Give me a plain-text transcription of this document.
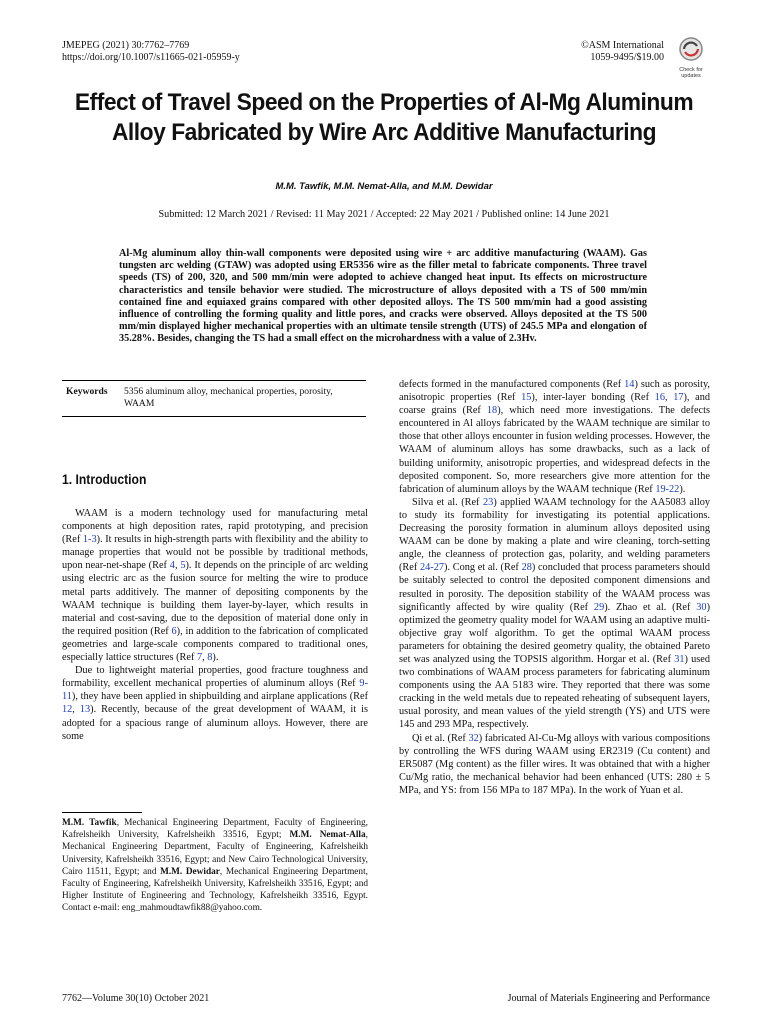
JMEPEG (2021) 30:7762–7769
https://doi.org/10.1007/s11665-021-05959-y
©ASM International
1059-9495/$19.00
Check for
updates
Effect of Travel Speed on the Properties of Al-Mg Aluminum Alloy Fabricated by Wire Arc Additive Manufacturing
M.M. Tawfik, M.M. Nemat-Alla, and M.M. Dewidar
Submitted: 12 March 2021 / Revised: 11 May 2021 / Accepted: 22 May 2021 / Published online: 14 June 2021
Al-Mg aluminum alloy thin-wall components were deposited using wire + arc additive manufacturing (WAAM). Gas tungsten arc welding (GTAW) was adopted using ER5356 wire as the filler metal to fabricate components. Three travel speeds (TS) of 200, 320, and 500 mm/min were adopted to achieve changed heat input. Its effects on microstructure characteristics and tensile behavior were studied. The microstructure of alloys deposited with a TS of 500 mm/min contained fine and equiaxed grains compared with other deposited alloys. The TS 500 mm/min had a good assisting influence of controlling the forming quality and little pores, and cracks were observed. Alloys deposited at the TS 500 mm/min displayed higher mechanical properties with an ultimate tensile strength (UTS) of 245.5 MPa and elongation of 35.28%. Besides, changing the TS had a small effect on the microhardness with a value of 2.3Hv.
Keywords	5356 aluminum alloy, mechanical properties, porosity, WAAM
1. Introduction

WAAM is a modern technology used for manufacturing metal components at high deposition rates, rapid prototyping, and precision (Ref 1-3). It results in high-strength parts with flexibility and the ability to manage properties that would not be possible by traditional methods, upon near-net-shape (Ref 4, 5). It depends on the principle of arc welding using electric arc as the fusion source for melting the wire to produce metal parts additively. The manner of depositing components by the WAAM technique is building them layer-by-layer, which results in material and cost-saving, due to the deposition of material done only in the required position (Ref 6), in addition to the fabrication of complicated geometries and large-scale components compared to traditional ones, especially lattice structures (Ref 7, 8).

Due to lightweight material properties, good fracture toughness and formability, excellent mechanical properties of aluminum alloys (Ref 9-11), they have been applied in shipbuilding and airplane applications (Ref 12, 13). Recently, because of the great development of WAAM, it is adopted for a spacious range of aluminum alloys. However, there are some

M.M. Tawfik, Mechanical Engineering Department, Faculty of Engineering, Kafrelsheikh University, Kafrelsheikh 33516, Egypt; M.M. Nemat-Alla, Mechanical Engineering Department, Faculty of Engineering, Kafrelsheikh University, Kafrelsheikh 33516, Egypt; and New Cairo Technological University, Cairo 11511, Egypt; and M.M. Dewidar, Mechanical Engineering Department, Faculty of Engineering, Kafrelsheikh University, Kafrelsheikh 33516, Egypt; and Higher Institute of Engineering and Technology, Kafrelsheikh 33516, Egypt. Contact e-mail: eng_mahmoudtawfik88@yahoo.com.

defects formed in the manufactured components (Ref 14) such as porosity, anisotropic properties (Ref 15), inter-layer bonding (Ref 16, 17), and coarse grains (Ref 18), which need more investigations. The defects encountered in Al alloys fabricated by the WAAM technique are similar to those that other alloys encounter in fusion welding processes. However, the WAAM of aluminum alloys has some drawbacks, such as a lack of building uniformity, anisotropic properties, and widespread defects in the deposited component. So, more researchers give more attention for the fabrication of aluminum alloys by the WAAM technique (Ref 19-22).

Silva et al. (Ref 23) applied WAAM technology for the AA5083 alloy to study its formability for investigating its potential applications. Decreasing the porosity formation in aluminum alloys deposited using WAAM can be done by making a plate and wire cleaning, torch-setting angle, the cleanness of protection gas, polarity, and welding parameters (Ref 24-27). Cong et al. (Ref 28) concluded that process parameters should be suitably selected to control the deposited component dimensions and resulted in porosity. The deposition stability of the WAAM process was significantly affected by wire quality (Ref 29). Zhao et al. (Ref 30) optimized the geometry quality model for WAAM using an adaptive multi-objective gray wolf algorithm. To get the optimal WAAM process parameters for obtaining the desired geometry quality, the obtained Pareto set was analyzed using the TOPSIS algorithm. Horgar et al. (Ref 31) used two combinations of WAAM process parameters for fabricating aluminum components using the AA 5183 wire. They reported that there was some cracking in the weld metals due to repeated reheating of subsequent layers, usual porosity, and mean values of the yield strength (YS) and UTS were 145 and 293 MPa, respectively.

Qi et al. (Ref 32) fabricated Al-Cu-Mg alloys with various compositions by controlling the WFS during WAAM using ER2319 (Cu content) and ER5087 (Mg content) as the filler wires. It was obtained that with a higher Cu/Mg ratio, the mechanical behavior had been enhanced (UTS: 280 ± 5 MPa, and YS: from 156 MPa to 187 MPa). In the work of Yuan et al.

7762—Volume 30(10) October 2021	Journal of Materials Engineering and Performance
